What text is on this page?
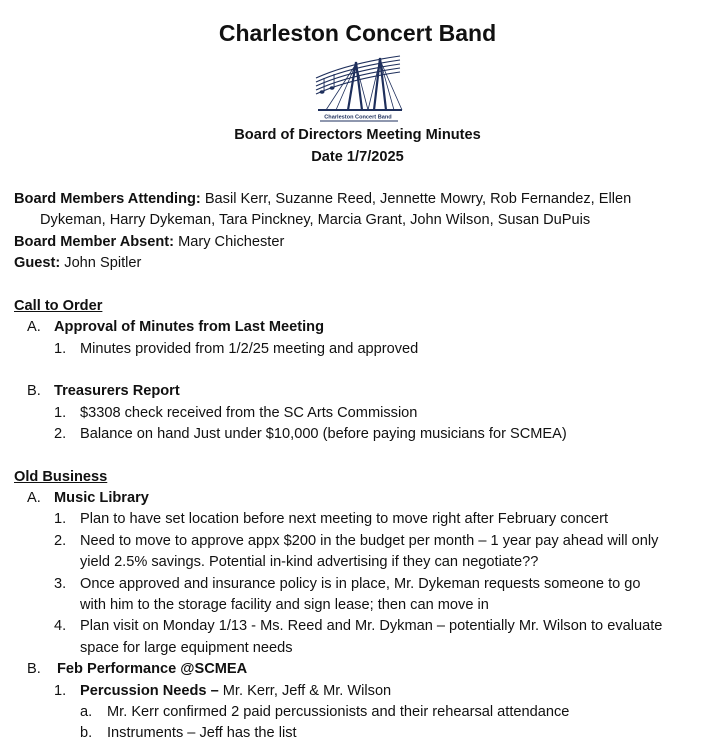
Charleston Concert Band
Charleston Concert Band
Board of Directors Meeting Minutes
Date 1/7/2025
Board Members Attending: Basil Kerr, Suzanne Reed, Jennette Mowry, Rob Fernandez, Ellen
Dykeman, Harry Dykeman, Tara Pinckney, Marcia Grant, John Wilson, Susan DuPuis
Board Member Absent: Mary Chichester
Guest: John Spitler
Call to Order
A. Approval of Minutes from Last Meeting
1. Minutes provided from 1/2/25 meeting and approved
B. Treasurers Report
1. $3308 check received from the SC Arts Commission
2. Balance on hand Just under $10,000 (before paying musicians for SCMEA)
Old Business
A. Music Library
1. Plan to have set location before next meeting to move right after February concert
2. Need to move to approve appx $200 in the budget per month – 1 year pay ahead will only
yield 2.5% savings. Potential in-kind advertising if they can negotiate??
3. Once approved and insurance policy is in place, Mr. Dykeman requests someone to go
with him to the storage facility and sign lease; then can move in
4. Plan visit on Monday 1/13 - Ms. Reed and Mr. Dykman – potentially Mr. Wilson to evaluate
space for large equipment needs
B. Feb Performance @SCMEA
1. Percussion Needs – Mr. Kerr, Jeff & Mr. Wilson
a. Mr. Kerr confirmed 2 paid percussionists and their rehearsal attendance
b. Instruments – Jeff has the list
